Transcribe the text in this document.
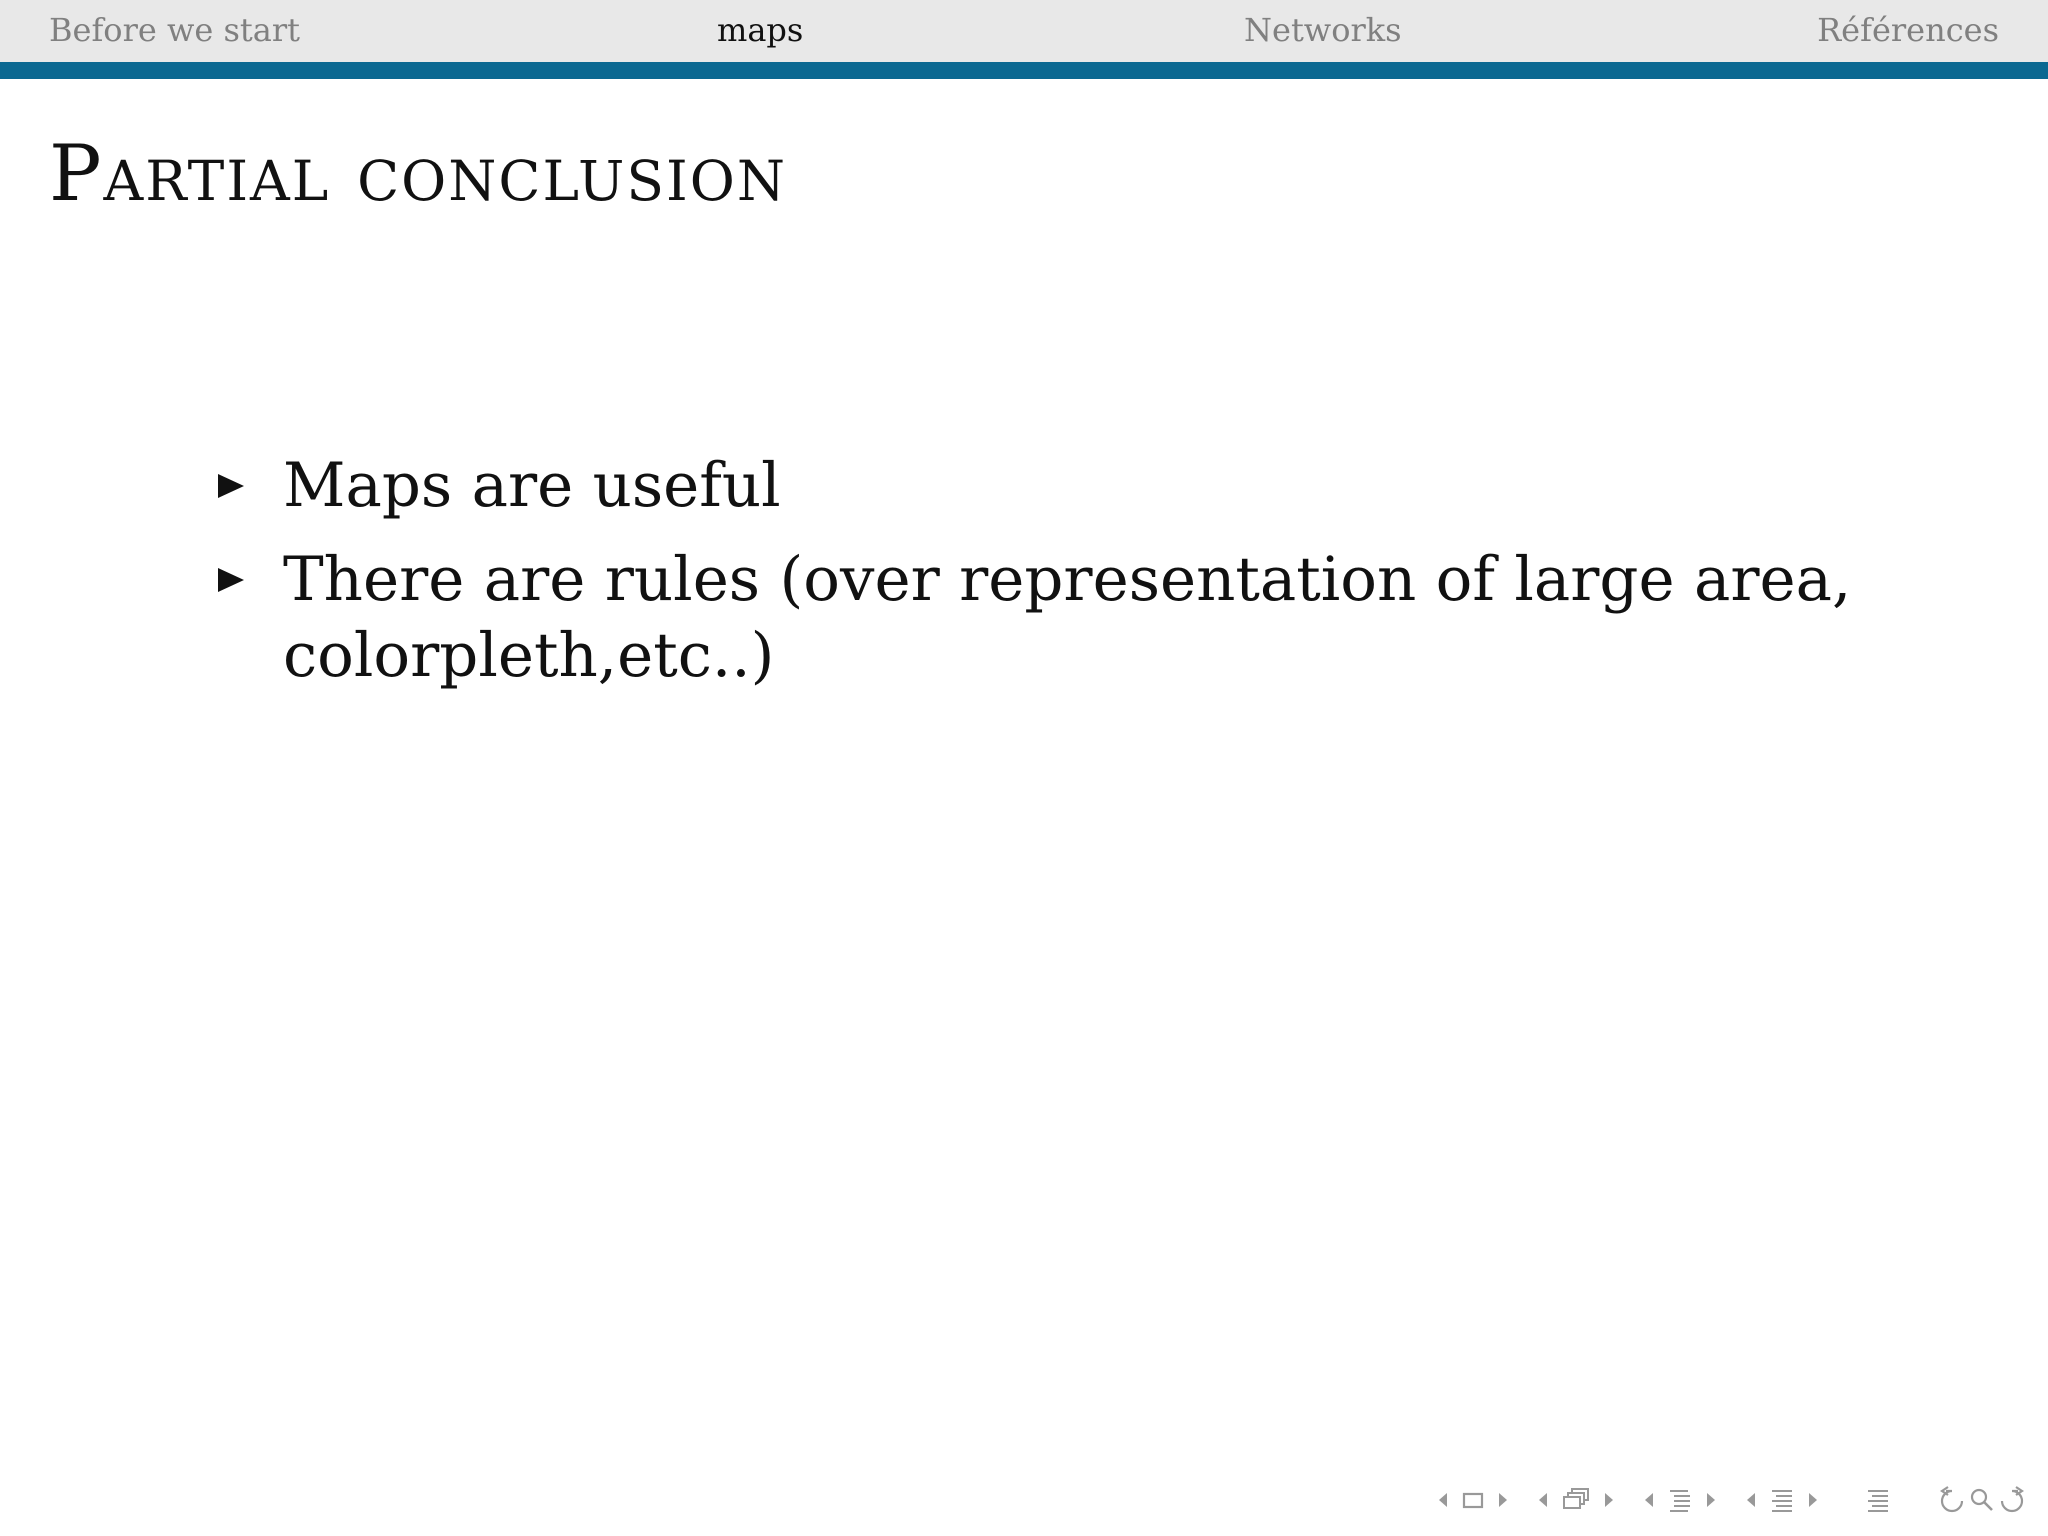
Before we start	maps	Networks	Références
Partial conclusion
Maps are useful
There are rules (over representation of large area, colorpleth,etc..)
